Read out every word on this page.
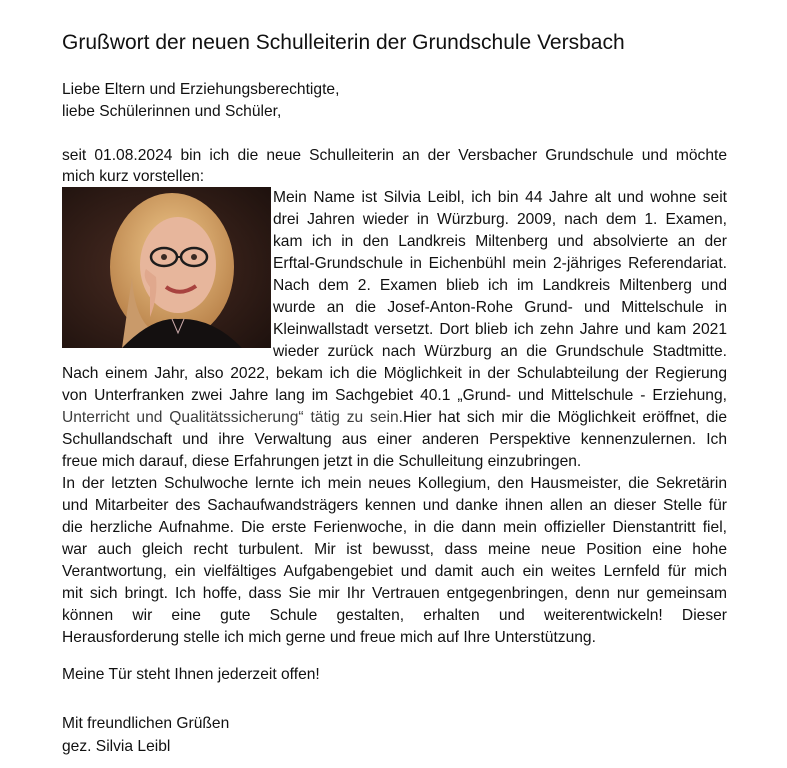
Grußwort der neuen Schulleiterin der Grundschule Versbach
Liebe Eltern und Erziehungsberechtigte,
liebe Schülerinnen und Schüler,
seit 01.08.2024 bin ich die neue Schulleiterin an der Versbacher Grundschule und möchte
mich kurz vorstellen:
Mein Name ist Silvia Leibl, ich bin 44 Jahre alt und wohne seit
drei Jahren wieder in Würzburg. 2009, nach dem 1. Examen,
kam ich in den Landkreis Miltenberg und absolvierte an der
Erftal-Grundschule in Eichenbühl mein 2-jähriges Referendariat.
Nach dem 2. Examen blieb ich im Landkreis Miltenberg und
wurde an die Josef-Anton-Rohe Grund- und Mittelschule in
Kleinwallstadt versetzt. Dort blieb ich zehn Jahre und kam 2021
wieder zurück nach Würzburg an die Grundschule Stadtmitte.
Nach einem Jahr, also 2022, bekam ich die Möglichkeit in der Schulabteilung der Regierung
von Unterfranken zwei Jahre lang im Sachgebiet 40.1 „Grund- und Mittelschule - Erziehung,
Unterricht und Qualitätssicherung“ tätig zu sein.Hier hat sich mir die Möglichkeit eröffnet, die
Schullandschaft und ihre Verwaltung aus einer anderen Perspektive kennenzulernen. Ich
freue mich darauf, diese Erfahrungen jetzt in die Schulleitung einzubringen.
In der letzten Schulwoche lernte ich mein neues Kollegium, den Hausmeister, die Sekretärin
und Mitarbeiter des Sachaufwandsträgers kennen und danke ihnen allen an dieser Stelle für
die herzliche Aufnahme. Die erste Ferienwoche, in die dann mein offizieller Dienstantritt fiel,
war auch gleich recht turbulent. Mir ist bewusst, dass meine neue Position eine hohe
Verantwortung, ein vielfältiges Aufgabengebiet und damit auch ein weites Lernfeld für mich
mit sich bringt. Ich hoffe, dass Sie mir Ihr Vertrauen entgegenbringen, denn nur gemeinsam
können wir eine gute Schule gestalten, erhalten und weiterentwickeln! Dieser
Herausforderung stelle ich mich gerne und freue mich auf Ihre Unterstützung.
Meine Tür steht Ihnen jederzeit offen!
Mit freundlichen Grüßen
gez. Silvia Leibl
